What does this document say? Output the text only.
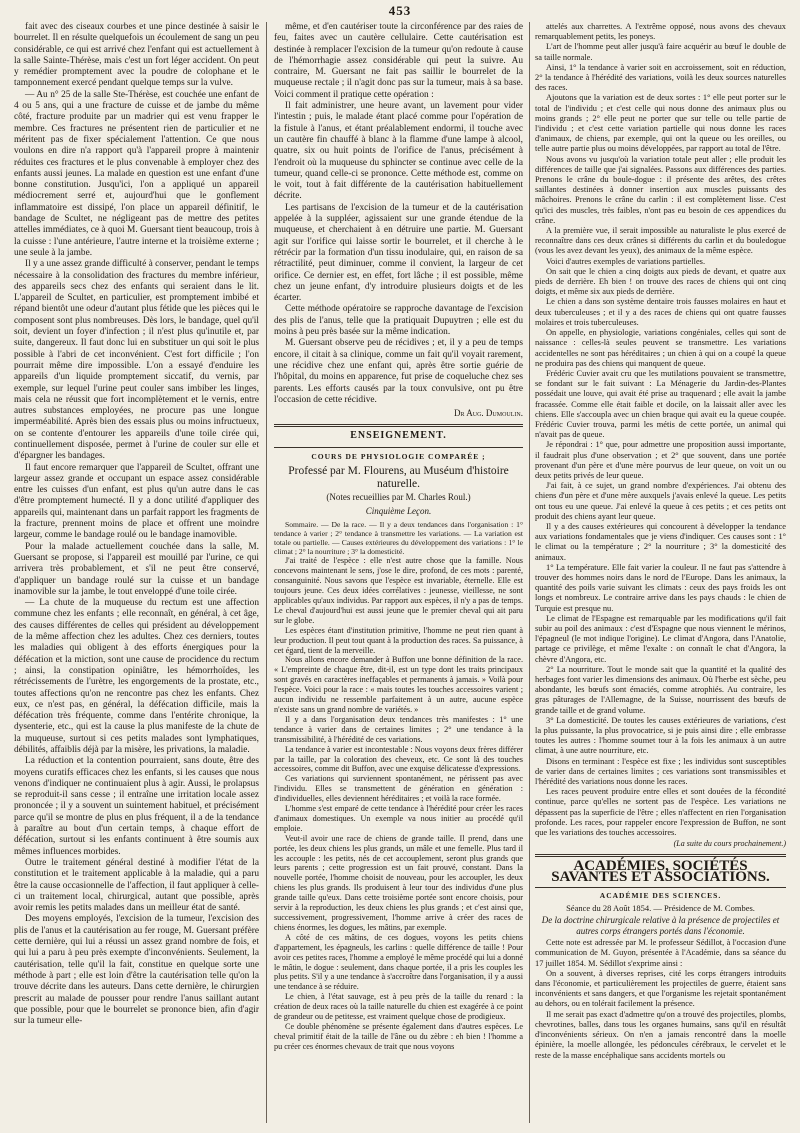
453

fait avec des ciseaux courbes et une pince destinée à saisir le bourrelet. Il en résulte quelquefois un écoulement de sang un peu considérable, ce qui est arrivé chez l'enfant qui est actuellement à la salle Sainte-Thérèse, mais c'est un fort léger accident. On peut y remédier promptement avec la poudre de colophane et le tamponnement exercé pendant quelque temps sur la vulve.

— Au n° 25 de la salle Ste-Thérèse, est couchée une enfant de 4 ou 5 ans, qui a une fracture de cuisse et de jambe du même côté, fracture produite par un madrier qui est venu frapper le membre. Ces fractures ne présentent rien de particulier et ne méritent pas de fixer spécialement l'attention. Ce que nous voulons en dire n'a rapport qu'à l'appareil propre à maintenir réduites ces fractures et le plus convenable à employer chez des enfants aussi jeunes. La malade en question est une enfant d'une bonne constitution. Jusqu'ici, l'on a appliqué un appareil médiocrement serré et, aujourd'hui que le gonflement inflammatoire est dissipé, l'on place un appareil définitif, le bandage de Scultet, ne négligeant pas de mettre des petites attelles immédiates, ce à quoi M. Guersant tient beaucoup, trois à la cuisse : l'une antérieure, l'autre interne et la troisième externe ; une seule à la jambe.

Il y a une assez grande difficulté à conserver, pendant le temps nécessaire à la consolidation des fractures du membre inférieur, des appareils secs chez des enfants qui seraient dans le lit. L'appareil de Scultet, en particulier, est promptement imbibé et répand bientôt une odeur d'autant plus fétide que les pièces qui le composent sont plus nombreuses. Dès lors, le bandage, quel qu'il soit, devient un foyer d'infection ; il n'est plus qu'inutile et, par suite, dangereux. Il faut donc lui en substituer un qui soit le plus possible à l'abri de cet inconvénient. C'est fort difficile ; l'on pourrait même dire impossible. L'on a essayé d'enduire les appareils d'un liquide promptement siccatif, du vernis, par exemple, sur lequel l'urine peut couler sans imbiber les linges, mais cela ne réussit que fort incomplètement et le vernis, entre autres substances employées, ne procure pas une longue imperméabilité. Après bien des essais plus ou moins infructueux, on se contente d'entourer les appareils d'une toile cirée qui, continuellement disposée, permet à l'urine de couler sur elle et d'épargner les bandages.

Il faut encore remarquer que l'appareil de Scultet, offrant une largeur assez grande et occupant un espace assez considérable entre les cuisses d'un enfant, est plus qu'un autre dans le cas d'être promptement humecté. Il y a donc utilité d'appliquer des appareils qui, maintenant dans un parfait rapport les fragments de la fracture, prennent moins de place et offrent une moindre largeur, comme le bandage roulé ou le bandage inamovible.

Pour la malade actuellement couchée dans la salle, M. Guersant se propose, si l'appareil est mouillé par l'urine, ce qui arrivera très probablement, et s'il ne peut être conservé, d'appliquer un bandage roulé sur la cuisse et un bandage inamovible sur la jambe, le tout enveloppé d'une toile cirée.

— La chute de la muqueuse du rectum est une affection commune chez les enfants ; elle reconnaît, en général, à cet âge, des causes différentes de celles qui président au développement de la même affection chez les adultes. Chez ces derniers, toutes les maladies qui obligent à des efforts énergiques pour la défécation et la miction, sont une cause de procidence du rectum ; ainsi, la constipation opiniâtre, les hémorrhoïdes, les rétrécissements de l'urètre, les engorgements de la prostate, etc., toutes affections qu'on ne rencontre pas chez les enfants. Chez eux, ce n'est pas, en général, la défécation difficile, mais la défécation très fréquente, comme dans l'entérite chronique, la dysenterie, etc., qui est la cause la plus manifeste de la chute de la muqueuse, surtout si ces petits malades sont lymphatiques, débilités, affaiblis déjà par la misère, les privations, la maladie.

La réduction et la contention pourraient, sans doute, être des moyens curatifs efficaces chez les enfants, si les causes que nous venons d'indiquer ne continuaient plus à agir. Aussi, le prolapsus se reproduit-il sans cesse ; il entraîne une irritation locale assez prononcée ; il y a souvent un suintement habituel, et précisément parce qu'il se montre de plus en plus fréquent, il a de la tendance à paraître au bout d'un certain temps, à chaque effort de défécation, surtout si les enfants continuent à être soumis aux mêmes influences morbides.

Outre le traitement général destiné à modifier l'état de la constitution et le traitement applicable à la maladie, qui a paru être la cause occasionnelle de l'affection, il faut appliquer à celle-ci un traitement local, chirurgical, autant que possible, après avoir remis les petits malades dans un meilleur état de santé.

Des moyens employés, l'excision de la tumeur, l'excision des plis de l'anus et la cautérisation au fer rouge, M. Guersant préfère cette dernière, qui lui a réussi un assez grand nombre de fois, et qui lui a paru à peu près exempte d'inconvénients. Seulement, la cautérisation, telle qu'il la fait, constitue en quelque sorte une méthode à part ; elle est loin d'être la cautérisation telle qu'on la trouve décrite dans les auteurs. Dans cette dernière, le chirurgien prescrit au malade de pousser pour rendre l'anus saillant autant que possible, pour que le bourrelet se prononce bien, afin d'agir sur la tumeur elle-

même, et d'en cautériser toute la circonférence par des raies de feu, faites avec un cautère cellulaire. Cette cautérisation est destinée à remplacer l'excision de la tumeur qu'on redoute à cause de l'hémorrhagie assez considérable qui peut la suivre. Au contraire, M. Guersant ne fait pas saillir le bourrelet de la muqueuse rectale ; il n'agit donc pas sur la tumeur, mais à sa base. Voici comment il pratique cette opération :

Il fait administrer, une heure avant, un lavement pour vider l'intestin ; puis, le malade étant placé comme pour l'opération de la fistule à l'anus, et étant préalablement endormi, il touche avec un cautère fin chauffé à blanc à la flamme d'une lampe à alcool, quatre, six ou huit points de l'orifice de l'anus, précisément à l'endroit où la muqueuse du sphincter se continue avec celle de la tumeur, quand celle-ci se prononce. Cette méthode est, comme on le voit, tout à fait différente de la cautérisation habituellement décrite.

Les partisans de l'excision de la tumeur et de la cautérisation appelée à la suppléer, agissaient sur une grande étendue de la muqueuse, et cherchaient à en détruire une partie. M. Guersant agit sur l'orifice qui laisse sortir le bourrelet, et il cherche à le rétrécir par la formation d'un tissu inodulaire, qui, en raison de sa rétractilité, peut diminuer, comme il convient, la largeur de cet orifice. Ce dernier est, en effet, fort lâche ; il est possible, même chez un jeune enfant, d'y introduire plusieurs doigts et de les écarter.

Cette méthode opératoire se rapproche davantage de l'excision des plis de l'anus, telle que la pratiquait Dupuytren ; elle est du moins à peu près basée sur la même indication.

M. Guersant observe peu de récidives ; et, il y a peu de temps encore, il citait à sa clinique, comme un fait qu'il voyait rarement, une récidive chez une enfant qui, après être sortie guérie de l'hôpital, du moins en apparence, fut prise de coqueluche chez ses parents. Les efforts causés par la toux convulsive, ont pu être l'occasion de cette récidive.

Dr Aug. Dumoulin.
ENSEIGNEMENT.
COURS DE PHYSIOLOGIE COMPARÉE ;
Professé par M. Flourens, au Muséum d'histoire naturelle.
(Notes recueillies par M. Charles Roul.)
Cinquième Leçon.

Sommaire. — De la race. — Il y a deux tendances dans l'organisation : 1° tendance à varier ; 2° tendance à transmettre les variations. — La variation est totale ou partielle. — Causes extérieures du développement des variations : 1° le climat ; 2° la nourriture ; 3° la domesticité.

J'ai traité de l'espèce : elle n'est autre chose que la famille. Nous concevons maintenant le sens, j'ose le dire, profond, de ces mots : parenté, consanguinité. Nous savons que l'espèce est invariable, éternelle. Elle est toujours jeune. Ces deux idées corrélatives : jeunesse, vieillesse, ne sont applicables qu'aux individus. Par rapport aux espèces, il n'y a pas de temps. Le cheval d'aujourd'hui est aussi jeune que le premier cheval qui ait paru sur le globe.

Les espèces étant d'institution primitive, l'homme ne peut rien quant à leur production. Il peut tout quant à la production des races. Sa puissance, à cet égard, tient de la merveille.

Nous allons encore demander à Buffon une bonne définition de la race. « L'empreinte de chaque être, dit-il, est un type dont les traits principaux sont gravés en caractères ineffaçables et permanents à jamais. » Voilà pour l'espèce. Voici pour la race : « mais toutes les touches accessoires varient ; aucun individu ne ressemble parfaitement à un autre, aucune espèce n'existe sans un grand nombre de variétés. »

Il y a dans l'organisation deux tendances très manifestes : 1° une tendance à varier dans de certaines limites ; 2° une tendance à la transmissibilité, à l'hérédité de ces variations.

La tendance à varier est incontestable : Nous voyons deux frères différer par la taille, par la coloration des cheveux, etc. Ce sont là des touches accessoires, comme dit Buffon, avec une exquise délicatesse d'expressions.

Ces variations qui surviennent spontanément, ne périssent pas avec l'individu. Elles se transmettent de génération en génération : d'individuelles, elles deviennent héréditaires ; et voilà la race formée.

L'homme s'est emparé de cette tendance à l'hérédité pour créer les races d'animaux domestiques. Un exemple va nous initier au procédé qu'il emploie.

Veut-il avoir une race de chiens de grande taille. Il prend, dans une portée, les deux chiens les plus grands, un mâle et une femelle. Plus tard il les accouple : les petits, nés de cet accouplement, seront plus grands que leurs parents ; cette progression est un fait prouvé, constant. Dans la nouvelle portée, l'homme choisit de nouveau, pour les accoupler, les deux chiens les plus grands. Ils produisent à leur tour des individus d'une plus grande taille qu'eux. Dans cette troisième portée sont encore choisis, pour servir à la reproduction, les deux chiens les plus grands ; et c'est ainsi que, successivement, progressivement, l'homme arrive à créer des races de chiens énormes, les dogues, les mâtins, par exemple.

A côté de ces mâtins, de ces dogues, voyons les petits chiens d'appartement, les épagneuls, les carlins : quelle différence de taille ! Pour avoir ces petites races, l'homme a employé le même procédé qui lui a donné le mâtin, le dogue : seulement, dans chaque portée, il a pris les couples les plus petits. S'il y a une tendance à s'accroître dans l'organisation, il y a aussi une tendance à se réduire.

Le chien, à l'état sauvage, est à peu près de la taille du renard : la création de deux races où la taille naturelle du chien est exagérée à ce point de grandeur ou de petitesse, est vraiment quelque chose de prodigieux.

Ce double phénomène se présente également dans d'autres espèces. Le cheval primitif était de la taille de l'âne ou du zèbre : eh bien ! l'homme a pu créer ces énormes chevaux de trait que nous voyons

attelés aux charrettes. A l'extrême opposé, nous avons des chevaux remarquablement petits, les poneys.

L'art de l'homme peut aller jusqu'à faire acquérir au bœuf le double de sa taille normale.

Ainsi, 1° la tendance à varier soit en accroissement, soit en réduction, 2° la tendance à l'hérédité des variations, voilà les deux sources naturelles des races.

Ajoutons que la variation est de deux sortes : 1° elle peut porter sur le total de l'individu ; et c'est celle qui nous donne des animaux plus ou moins grands ; 2° elle peut ne porter que sur telle ou telle partie de l'individu ; et c'est cette variation partielle qui nous donne les races d'animaux, de chiens, par exemple, qui ont la queue ou les oreilles, ou telle autre partie plus ou moins développées, par rapport au total de l'être.

Nous avons vu jusqu'où la variation totale peut aller ; elle produit les différences de taille que j'ai signalées. Passons aux différences des parties. Prenons le crâne du boule-dogue : il présente des arêtes, des crêtes saillantes destinées à donner insertion aux muscles puissants des mâchoires. Prenons le crâne du carlin : il est complètement lisse. C'est qu'ici des muscles, très faibles, n'ont pas eu besoin de ces appendices du crâne.

A la première vue, il serait impossible au naturaliste le plus exercé de reconnaître dans ces deux crânes si différents du carlin et du bouledogue (vous les avez devant les yeux), des animaux de la même espèce.

Voici d'autres exemples de variations partielles.

On sait que le chien a cinq doigts aux pieds de devant, et quatre aux pieds de derrière. Eh bien ! on trouve des races de chiens qui ont cinq doigts, et même six aux pieds de derrière.

Le chien a dans son système dentaire trois fausses molaires en haut et deux tuberculeuses ; et il y a des races de chiens qui ont quatre fausses molaires et trois tuberculeuses.

On appelle, en physiologie, variations congéniales, celles qui sont de naissance : celles-là seules peuvent se transmettre. Les variations accidentelles ne sont pas héréditaires ; un chien à qui on a coupé la queue ne produira pas des chiens qui manquent de queue.

Frédéric Cuvier avait cru que les mutilations pouvaient se transmettre, se fondant sur le fait suivant : La Ménagerie du Jardin-des-Plantes possédait une louve, qui avait été prise au traquenard ; elle avait la jambe fracassée. Comme elle était faible et docile, on la laissait aller avec les chiens. Elle s'accoupla avec un chien braque qui avait eu la queue coupée. Frédéric Cuvier trouva, parmi les métis de cette portée, un animal qui n'avait pas de queue.

Je répondrai : 1° que, pour admettre une proposition aussi importante, il faudrait plus d'une observation ; et 2° que souvent, dans une portée provenant d'un père et d'une mère pourvus de leur queue, on voit un ou deux petits privés de leur queue.

J'ai fait, à ce sujet, un grand nombre d'expériences. J'ai obtenu des chiens d'un père et d'une mère auxquels j'avais enlevé la queue. Les petits ont tous eu une queue. J'ai enlevé la queue à ces petits ; et ces petits ont produit des chiens ayant leur queue.

Il y a des causes extérieures qui concourent à développer la tendance aux variations fondamentales que je viens d'indiquer. Ces causes sont : 1° le climat ou la température ; 2° la nourriture ; 3° la domesticité des animaux.

1° La température. Elle fait varier la couleur. Il ne faut pas s'attendre à trouver des hommes noirs dans le nord de l'Europe. Dans les animaux, la quantité des poils varie suivant les climats : ceux des pays froids les ont longs et nombreux. Le contraire arrive dans les pays chauds : le chien de Turquie est presque nu.

Le climat de l'Espagne est remarquable par les modifications qu'il fait subir au poil des animaux : c'est d'Espagne que nous viennent le mérinos, l'épagneul (le mot indique l'origine). Le climat d'Angora, dans l'Anatolie, partage ce privilège, et même l'exalte : on connaît le chat d'Angora, la chèvre d'Angora, etc.

2° La nourriture. Tout le monde sait que la quantité et la qualité des herbages font varier les dimensions des animaux. Où l'herbe est sèche, peu abondante, les bœufs sont émaciés, comme atrophiés. Au contraire, les gras pâturages de l'Allemagne, de la Suisse, nourrissent des bœufs de grande taille et de grand volume.

3° La domesticité. De toutes les causes extérieures de variations, c'est la plus puissante, la plus provocatrice, si je puis ainsi dire ; elle embrasse toutes les autres : l'homme soumet tour à la fois les animaux à un autre climat, à une autre nourriture, etc.

Disons en terminant : l'espèce est fixe ; les individus sont susceptibles de varier dans de certaines limites ; ces variations sont transmissibles et l'hérédité des variations nous donne les races.

Les races peuvent produire entre elles et sont douées de la fécondité continue, parce qu'elles ne sortent pas de l'espèce. Les variations ne dépassent pas la superficie de l'être ; elles n'affectent en rien l'organisation profonde. Les races, pour rappeler encore l'expression de Buffon, ne sont que les variations des touches accessoires.

(La suite du cours prochainement.)
ACADÉMIES, SOCIÉTÉS SAVANTES ET ASSOCIATIONS.
ACADÉMIE DES SCIENCES.
Séance du 28 Août 1854. — Présidence de M. Combes.
De la doctrine chirurgicale relative à la présence de projectiles et autres corps étrangers portés dans l'économie.

Cette note est adressée par M. le professeur Sédillot, à l'occasion d'une communication de M. Guyon, présentée à l'Académie, dans sa séance du 17 juillet 1854. M. Sédillot s'exprime ainsi :

On a souvent, à diverses reprises, cité les corps étrangers introduits dans l'économie, et particulièrement les projectiles de guerre, étaient sans inconvénients et sans dangers, et que l'organisme les rejetait spontanément au dehors, ou en tolérait facilement la présence.

Il me serait pas exact d'admettre qu'on a trouvé des projectiles, plombs, chevrotines, balles, dans tous les organes humains, sans qu'il en résultât d'inconvénients sérieux. On n'en a jamais rencontré dans la moelle épinière, la moelle allongée, les pédoncules cérébraux, le cervelet et le reste de la masse encéphalique sans accidents mortels ou
